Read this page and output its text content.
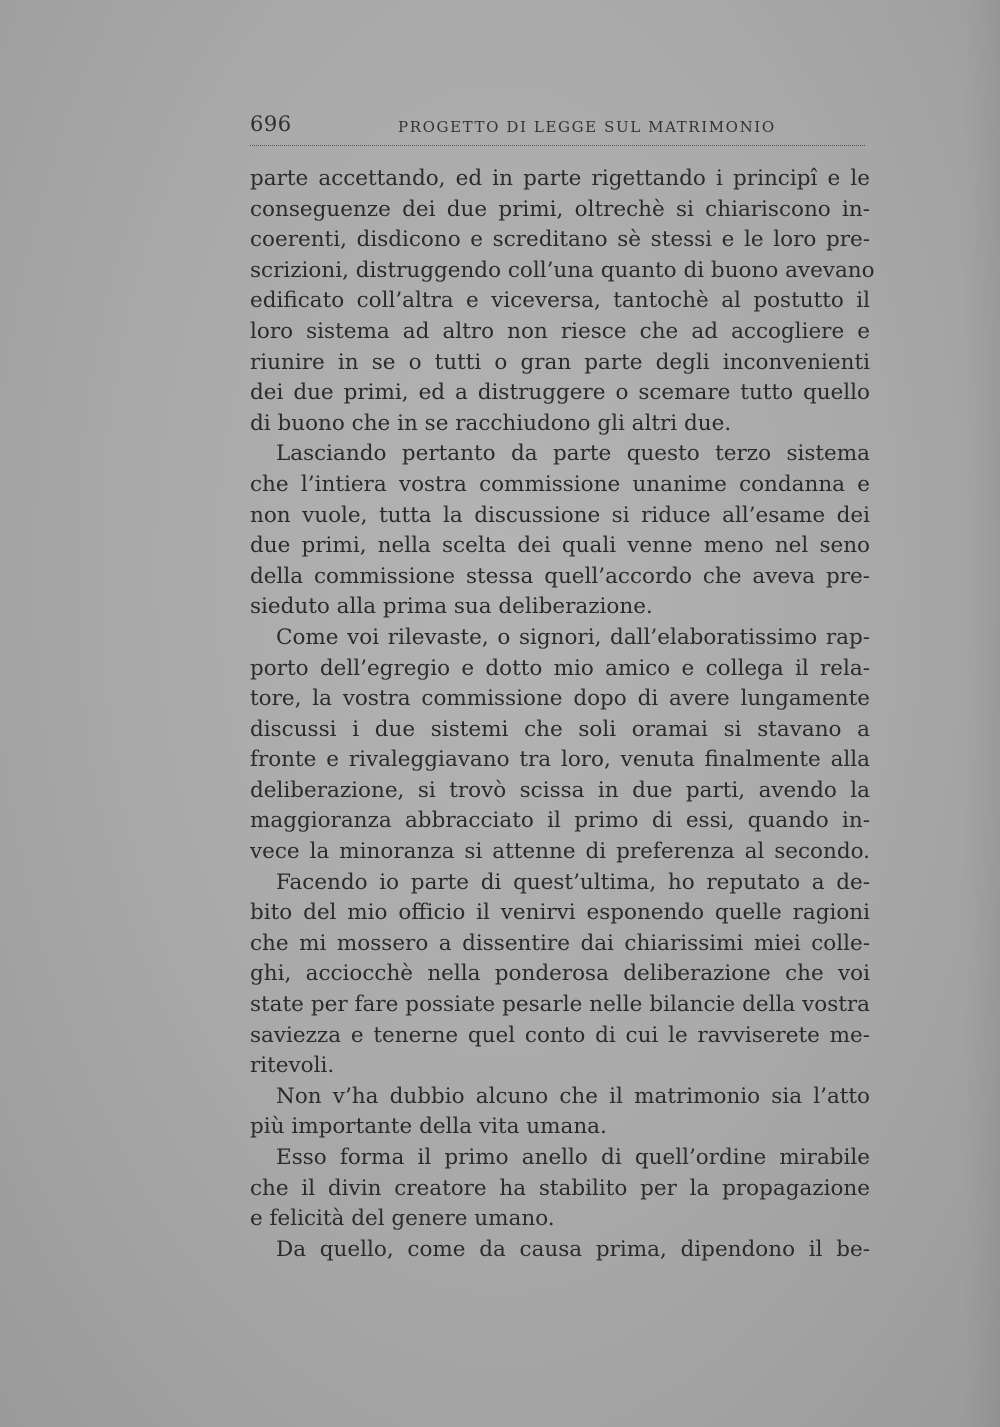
696	PROGETTO DI LEGGE SUL MATRIMONIO
parte accettando, ed in parte rigettando i principî e le
conseguenze dei due primi, oltrechè si chiariscono in-
coerenti, disdicono e screditano sè stessi e le loro pre-
scrizioni, distruggendo coll’una quanto di buono avevano
edificato coll’altra e viceversa, tantochè al postutto il
loro sistema ad altro non riesce che ad accogliere e
riunire in se o tutti o gran parte degli inconvenienti
dei due primi, ed a distruggere o scemare tutto quello
di buono che in se racchiudono gli altri due.
Lasciando pertanto da parte questo terzo sistema
che l’intiera vostra commissione unanime condanna e
non vuole, tutta la discussione si riduce all’esame dei
due primi, nella scelta dei quali venne meno nel seno
della commissione stessa quell’accordo che aveva pre-
sieduto alla prima sua deliberazione.
Come voi rilevaste, o signori, dall’elaboratissimo rap-
porto dell’egregio e dotto mio amico e collega il rela-
tore, la vostra commissione dopo di avere lungamente
discussi i due sistemi che soli oramai si stavano a
fronte e rivaleggiavano tra loro, venuta finalmente alla
deliberazione, si trovò scissa in due parti, avendo la
maggioranza abbracciato il primo di essi, quando in-
vece la minoranza si attenne di preferenza al secondo.
Facendo io parte di quest’ultima, ho reputato a de-
bito del mio officio il venirvi esponendo quelle ragioni
che mi mossero a dissentire dai chiarissimi miei colle-
ghi, acciocchè nella ponderosa deliberazione che voi
state per fare possiate pesarle nelle bilancie della vostra
saviezza e tenerne quel conto di cui le ravviserete me-
ritevoli.
Non v’ha dubbio alcuno che il matrimonio sia l’atto
più importante della vita umana.
Esso forma il primo anello di quell’ordine mirabile
che il divin creatore ha stabilito per la propagazione
e felicità del genere umano.
Da quello, come da causa prima, dipendono il be-
